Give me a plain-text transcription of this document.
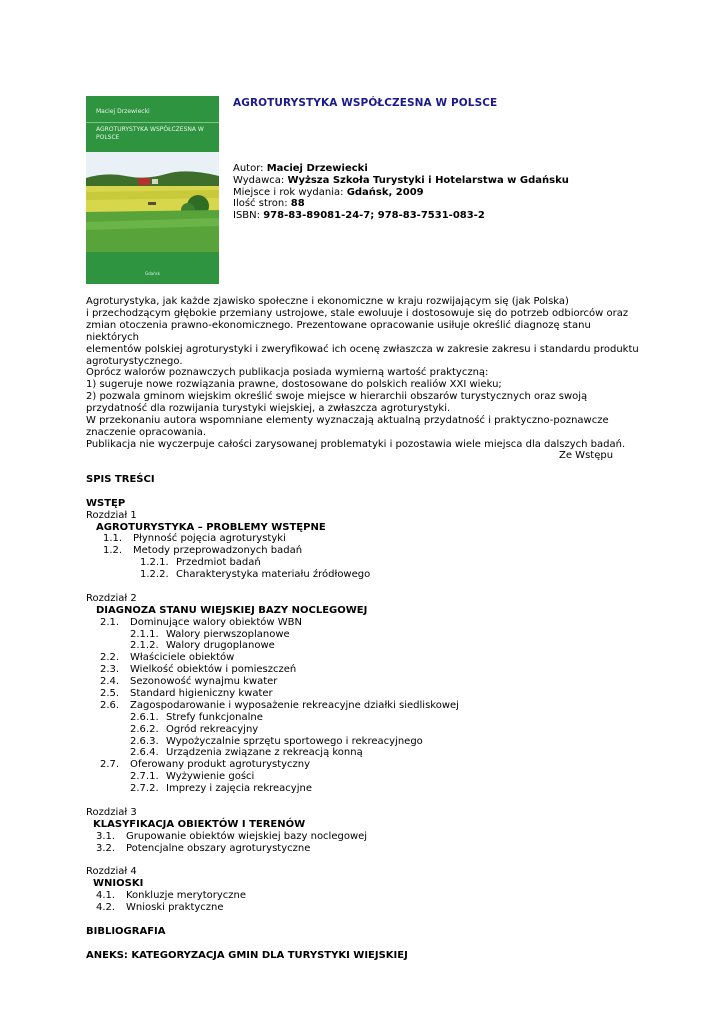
Maciej Drzewiecki
AGROTURYSTYKA WSPÓŁCZESNA W POLSCE
Gdańsk
AGROTURYSTYKA WSPÓŁCZESNA W POLSCE
Autor: Maciej Drzewiecki
Wydawca: Wyższa Szkoła Turystyki i Hotelarstwa w Gdańsku
Miejsce i rok wydania: Gdańsk, 2009
Ilość stron: 88
ISBN: 978-83-89081-24-7; 978-83-7531-083-2

Agroturystyka, jak każde zjawisko społeczne i ekonomiczne w kraju rozwijającym się (jak Polska)

i przechodzącym głębokie przemiany ustrojowe, stale ewoluuje i dostosowuje się do potrzeb odbiorców oraz

zmian otoczenia prawno-ekonomicznego. Prezentowane opracowanie usiłuje określić diagnozę stanu niektórych

elementów polskiej agroturystyki i zweryfikować ich ocenę zwłaszcza w zakresie zakresu i standardu produktu

agroturystycznego.

Oprócz walorów poznawczych publikacja posiada wymierną wartość praktyczną:

1) sugeruje nowe rozwiązania prawne, dostosowane do polskich realiów XXI wieku;

2) pozwala gminom wiejskim określić swoje miejsce w hierarchii obszarów turystycznych oraz swoją

przydatność dla rozwijania turystyki wiejskiej, a zwłaszcza agroturystyki.

W przekonaniu autora wspomniane elementy wyznaczają aktualną przydatność i praktyczno-poznawcze

znaczenie opracowania.

Publikacja nie wyczerpuje całości zarysowanej problematyki i pozostawia wiele miejsca dla dalszych badań.

Ze Wstępu
SPIS TREŚCI
WSTĘP
Rozdział 1
AGROTURYSTYKA – PROBLEMY WSTĘPNE
1.1. Płynność pojęcia agroturystyki
1.2. Metody przeprowadzonych badań
1.2.1. Przedmiot badań
1.2.2. Charakterystyka materiału źródłowego
Rozdział 2
DIAGNOZA STANU WIEJSKIEJ BAZY NOCLEGOWEJ
2.1. Dominujące walory obiektów WBN
2.1.1. Walory pierwszoplanowe
2.1.2. Walory drugoplanowe
2.2. Właściciele obiektów
2.3. Wielkość obiektów i pomieszczeń
2.4. Sezonowość wynajmu kwater
2.5. Standard higieniczny kwater
2.6. Zagospodarowanie i wyposażenie rekreacyjne działki siedliskowej
2.6.1. Strefy funkcjonalne
2.6.2. Ogród rekreacyjny
2.6.3. Wypożyczalnie sprzętu sportowego i rekreacyjnego
2.6.4. Urządzenia związane z rekreacją konną
2.7. Oferowany produkt agroturystyczny
2.7.1. Wyżywienie gości
2.7.2. Imprezy i zajęcia rekreacyjne
Rozdział 3
KLASYFIKACJA OBIEKTÓW I TERENÓW
3.1. Grupowanie obiektów wiejskiej bazy noclegowej
3.2. Potencjalne obszary agroturystyczne
Rozdział 4
WNIOSKI
4.1. Konkluzje merytoryczne
4.2. Wnioski praktyczne
BIBLIOGRAFIA
ANEKS: KATEGORYZACJA GMIN DLA TURYSTYKI WIEJSKIEJ
